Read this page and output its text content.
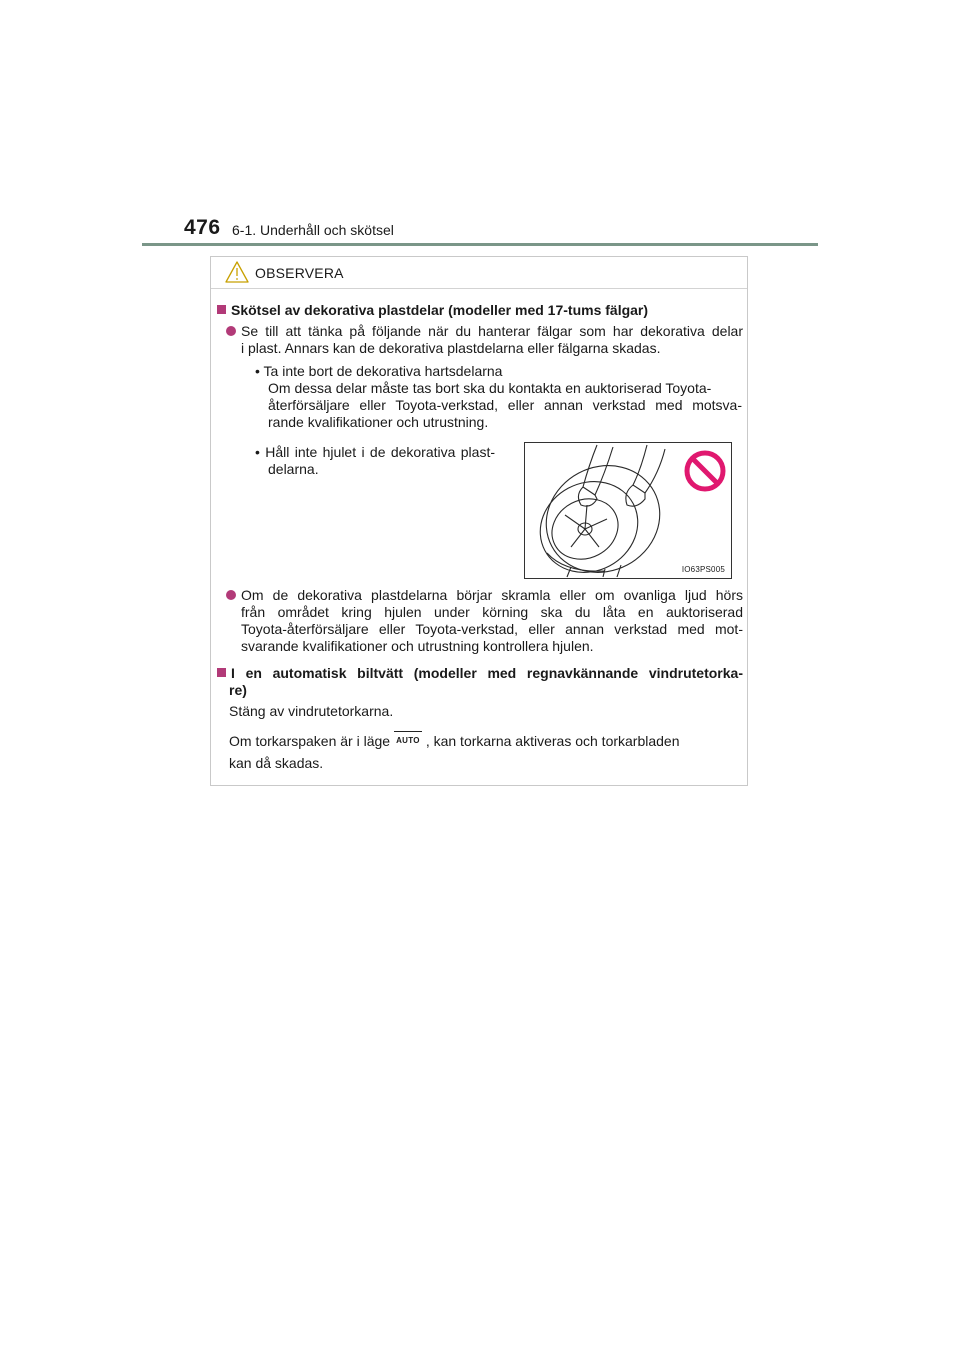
476 6-1. Underhåll och skötsel
OBSERVERA
Skötsel av dekorativa plastdelar (modeller med 17-tums fälgar)
Se till att tänka på följande när du hanterar fälgar som har dekorativa delar
i plast. Annars kan de dekorativa plastdelarna eller fälgarna skadas.
• Ta inte bort de dekorativa hartsdelarna
Om dessa delar måste tas bort ska du kontakta en auktoriserad Toyota-
återförsäljare eller Toyota-verkstad, eller annan verkstad med motsva-
rande kvalifikationer och utrustning.
• Håll inte hjulet i de dekorativa plast-
delarna.
IO63PS005
Om de dekorativa plastdelarna börjar skramla eller om ovanliga ljud hörs
från området kring hjulen under körning ska du låta en auktoriserad
Toyota-återförsäljare eller Toyota-verkstad, eller annan verkstad med mot-
svarande kvalifikationer och utrustning kontrollera hjulen.
I en automatisk biltvätt (modeller med regnavkännande vindrutetorka-
re)
Stäng av vindrutetorkarna.
Om torkarspaken är i läge AUTO , kan torkarna aktiveras och torkarbladen
kan då skadas.
